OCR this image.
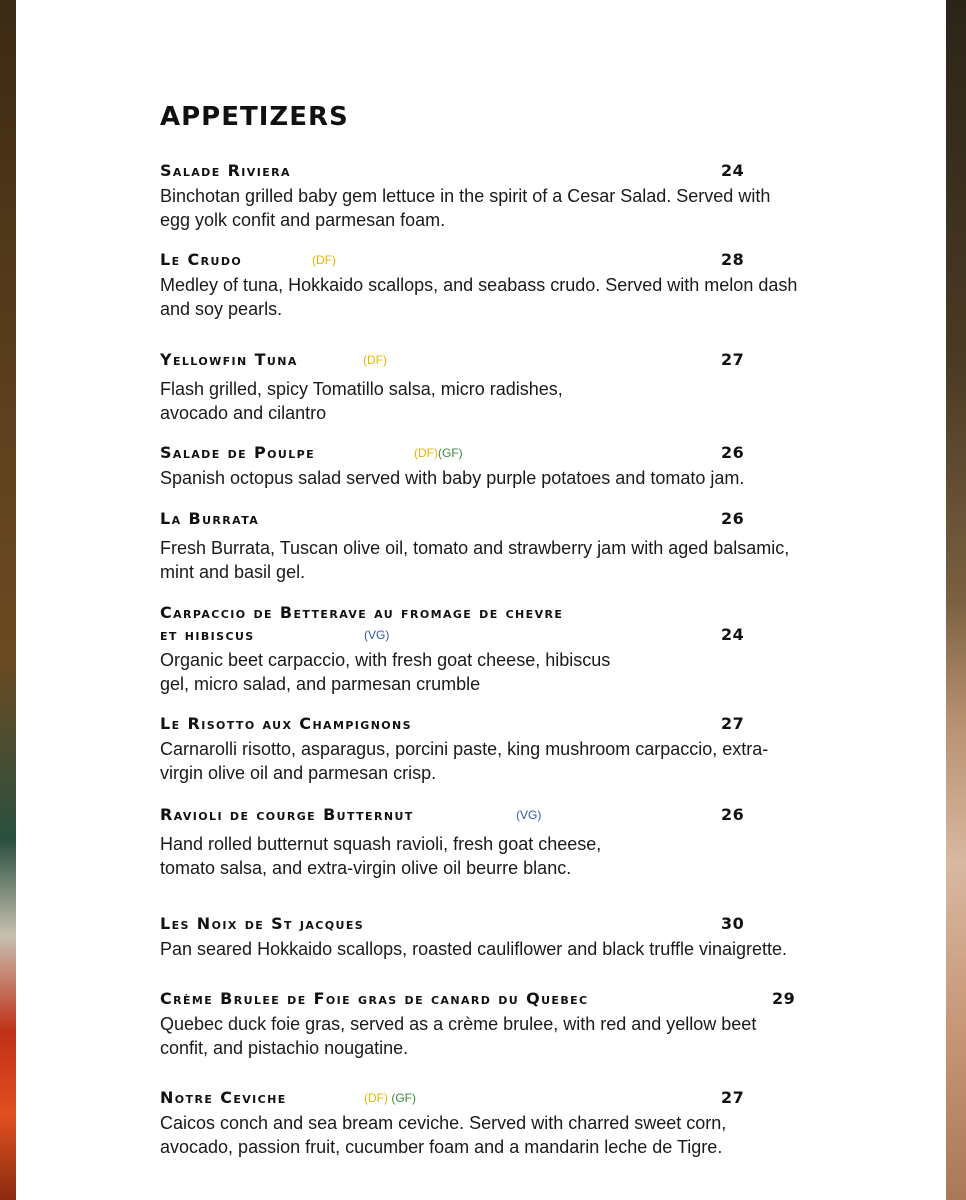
APPETIZERS
Salade Riviera	24
Binchotan grilled baby gem lettuce in the spirit of a Cesar Salad. Served with
egg yolk confit and parmesan foam.
Le Crudo	(DF)	28
Medley of tuna, Hokkaido scallops, and seabass crudo. Served with melon dash
and soy pearls.
Yellowfin Tuna	(DF)	27
Flash grilled, spicy Tomatillo salsa, micro radishes,
avocado and cilantro
Salade de Poulpe	(DF)(GF)	26
Spanish octopus salad served with baby purple potatoes and tomato jam.
La Burrata	26
Fresh Burrata, Tuscan olive oil, tomato and strawberry jam with aged balsamic,
mint and basil gel.
Carpaccio de Betterave au fromage de chevre
et hibiscus	(VG)	24
Organic beet carpaccio, with fresh goat cheese, hibiscus
gel, micro salad, and parmesan crumble
Le Risotto aux Champignons	27
Carnarolli risotto, asparagus, porcini paste, king mushroom carpaccio, extra-
virgin olive oil and parmesan crisp.
Ravioli de courge Butternut	(VG)	26
Hand rolled butternut squash ravioli, fresh goat cheese,
tomato salsa, and extra-virgin olive oil beurre blanc.
Les Noix de St jacques	30
Pan seared Hokkaido scallops, roasted cauliflower and black truffle vinaigrette.
Crème Brulee de Foie gras de canard du Quebec	29
Quebec duck foie gras, served as a crème brulee, with red and yellow beet
confit, and pistachio nougatine.
Notre Ceviche	(DF) (GF)	27
Caicos conch and sea bream ceviche. Served with charred sweet corn,
avocado, passion fruit, cucumber foam and a mandarin leche de Tigre.
